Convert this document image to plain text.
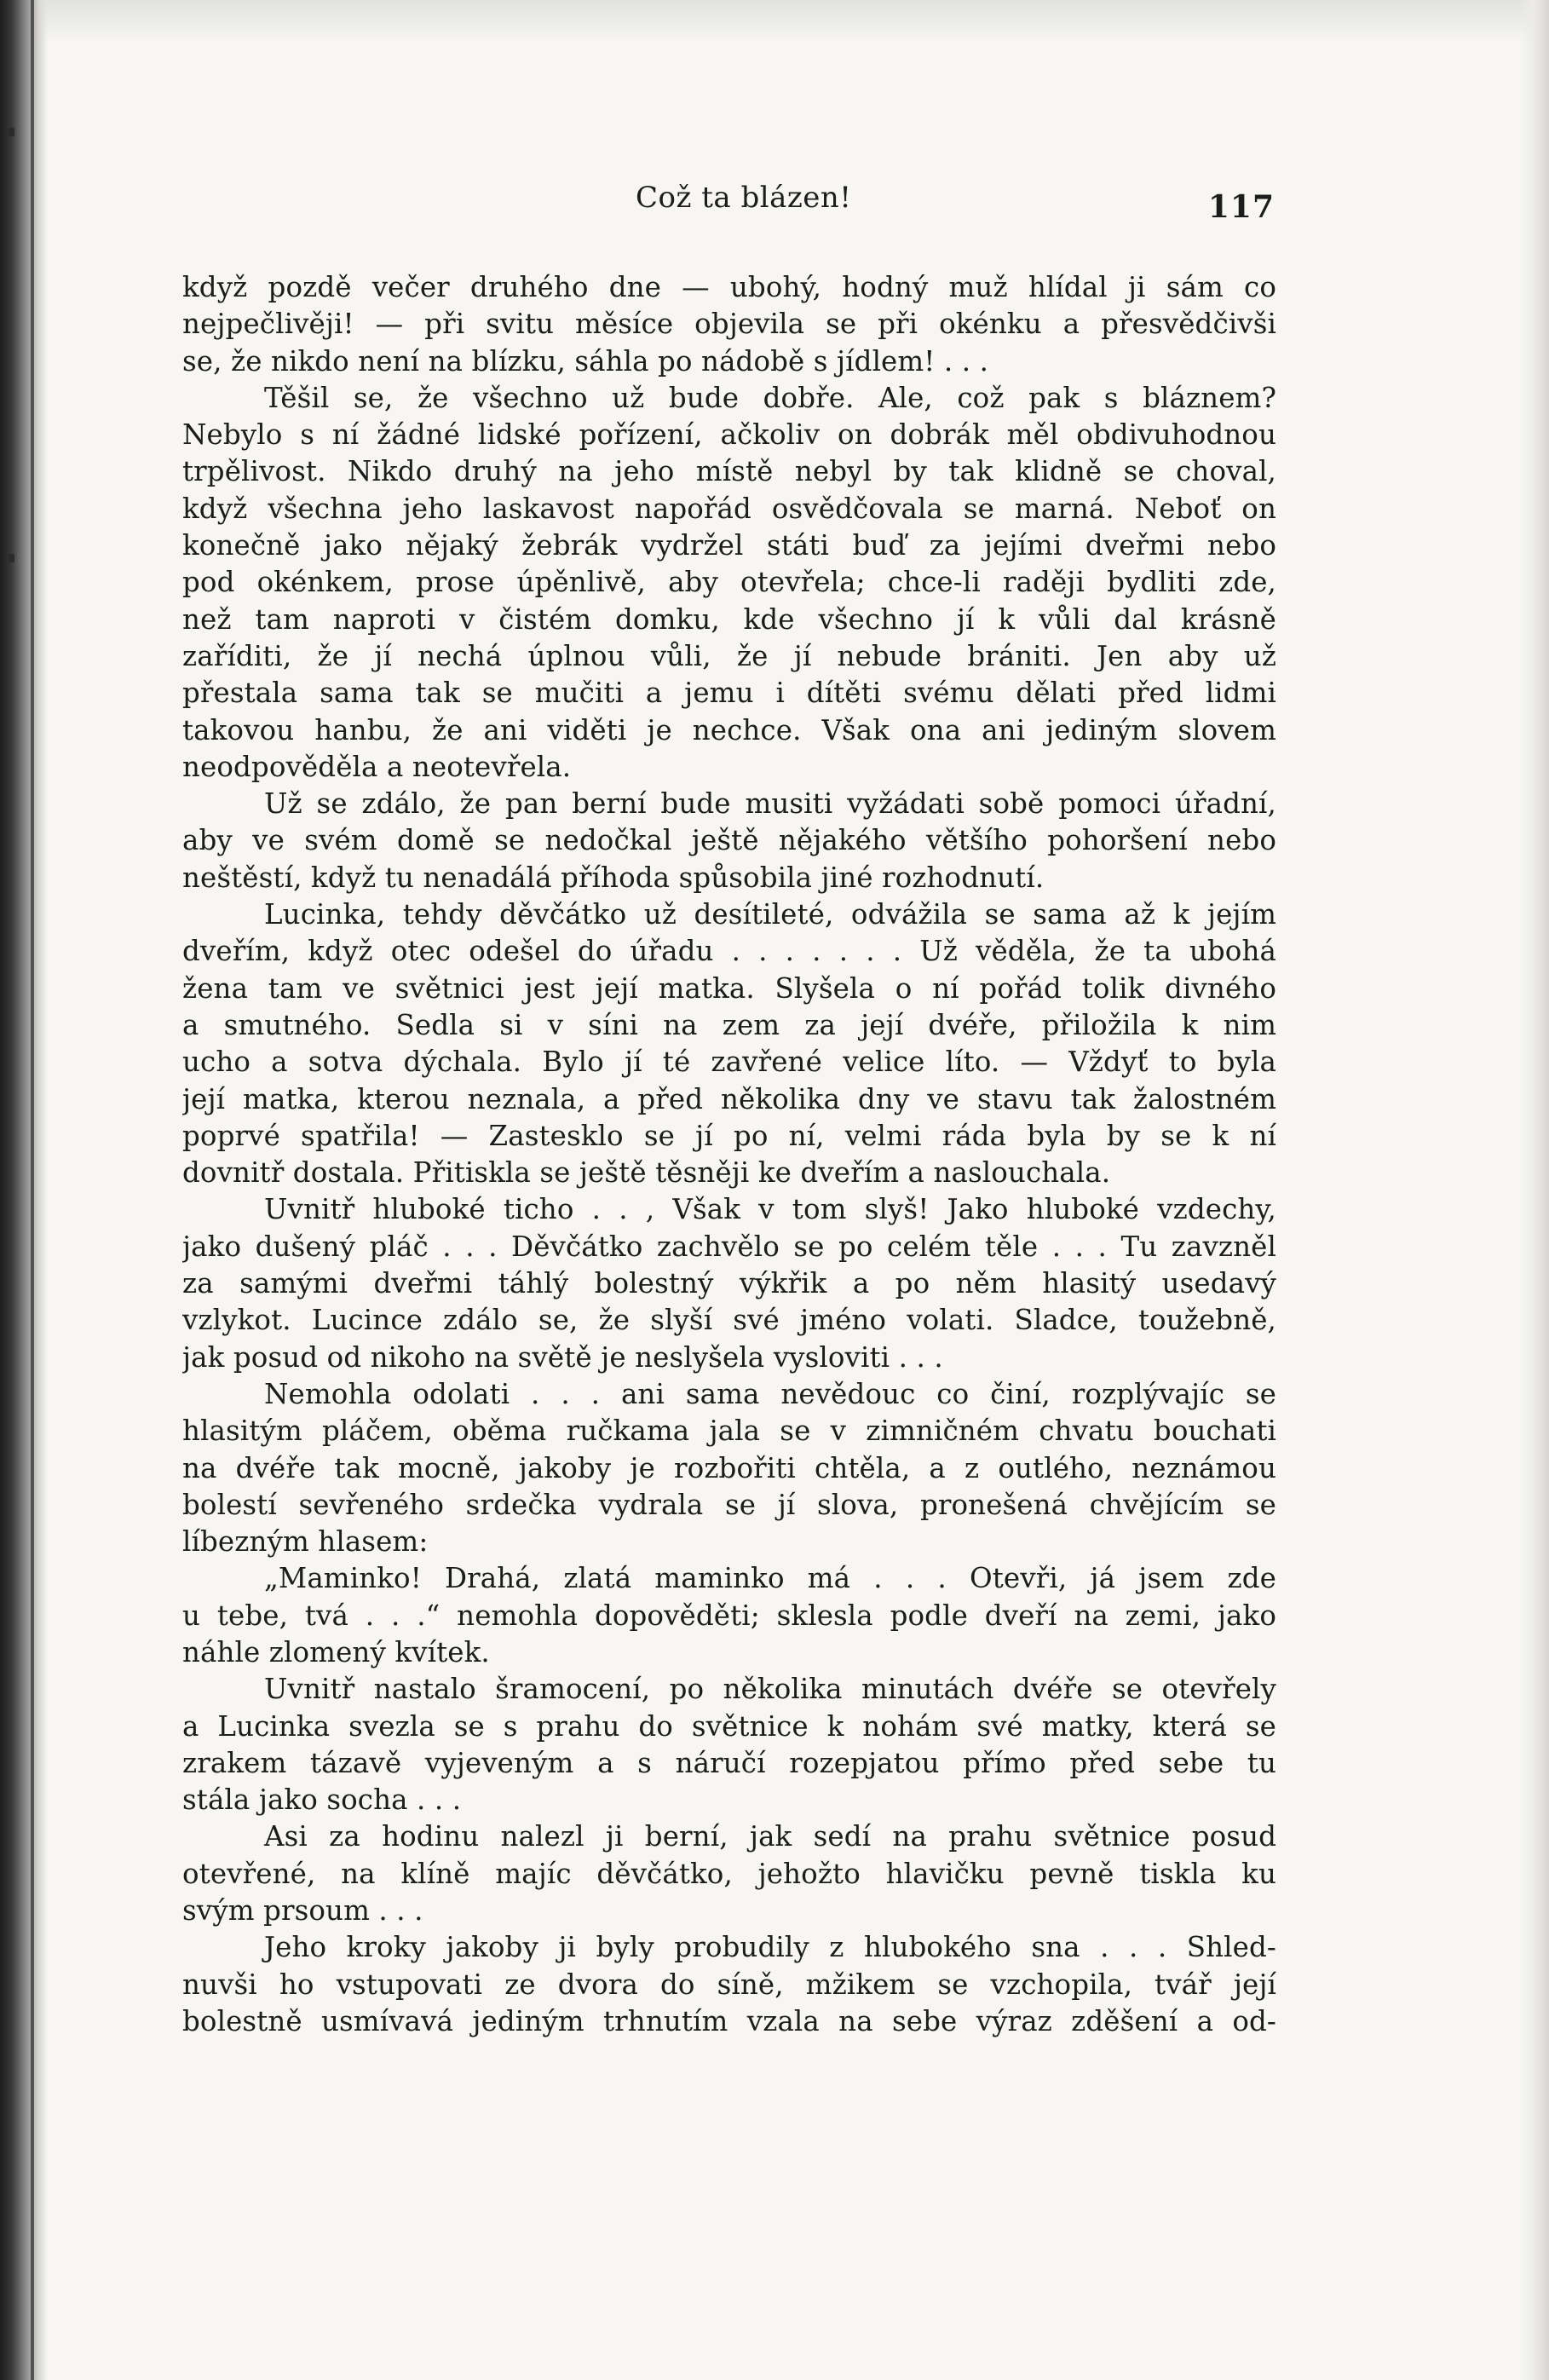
Což ta blázen!	117
když pozdě večer druhého dne — ubohý, hodný muž hlídal ji sám co
nejpečlivěji! — při svitu měsíce objevila se při okénku a přesvědčivši
se, že nikdo není na blízku, sáhla po nádobě s jídlem! . . .
Těšil se, že všechno už bude dobře. Ale, což pak s bláznem?
Nebylo s ní žádné lidské pořízení, ačkoliv on dobrák měl obdivuhodnou
trpělivost. Nikdo druhý na jeho místě nebyl by tak klidně se choval,
když všechna jeho laskavost napořád osvědčovala se marná. Neboť on
konečně jako nějaký žebrák vydržel státi buď za jejími dveřmi nebo
pod okénkem, prose úpěnlivě, aby otevřela; chce-li raději bydliti zde,
než tam naproti v čistém domku, kde všechno jí k vůli dal krásně
zaříditi, že jí nechá úplnou vůli, že jí nebude brániti. Jen aby už
přestala sama tak se mučiti a jemu i dítěti svému dělati před lidmi
takovou hanbu, že ani viděti je nechce. Však ona ani jediným slovem
neodpověděla a neotevřela.
Už se zdálo, že pan berní bude musiti vyžádati sobě pomoci úřadní,
aby ve svém domě se nedočkal ještě nějakého většího pohoršení nebo
neštěstí, když tu nenadálá příhoda spůsobila jiné rozhodnutí.
Lucinka, tehdy děvčátko už desítileté, odvážila se sama až k jejím
dveřím, když otec odešel do úřadu . . . . . . . Už věděla, že ta ubohá
žena tam ve světnici jest její matka. Slyšela o ní pořád tolik divného
a smutného. Sedla si v síni na zem za její dvéře, přiložila k nim
ucho a sotva dýchala. Bylo jí té zavřené velice líto. — Vždyť to byla
její matka, kterou neznala, a před několika dny ve stavu tak žalostném
poprvé spatřila! — Zastesklo se jí po ní, velmi ráda byla by se k ní
dovnitř dostala. Přitiskla se ještě těsněji ke dveřím a naslouchala.
Uvnitř hluboké ticho . . , Však v tom slyš! Jako hluboké vzdechy,
jako dušený pláč . . . Děvčátko zachvělo se po celém těle . . . Tu zavzněl
za samými dveřmi táhlý bolestný výkřik a po něm hlasitý usedavý
vzlykot. Lucince zdálo se, že slyší své jméno volati. Sladce, toužebně,
jak posud od nikoho na světě je neslyšela vysloviti . . .
Nemohla odolati . . . ani sama nevědouc co činí, rozplývajíc se
hlasitým pláčem, oběma ručkama jala se v zimničném chvatu bouchati
na dvéře tak mocně, jakoby je rozbořiti chtěla, a z outlého, neznámou
bolestí sevřeného srdečka vydrala se jí slova, pronešená chvějícím se
líbezným hlasem:
„Maminko! Drahá, zlatá maminko má . . . Otevři, já jsem zde
u tebe, tvá . . .“ nemohla dopověděti; sklesla podle dveří na zemi, jako
náhle zlomený kvítek.
Uvnitř nastalo šramocení, po několika minutách dvéře se otevřely
a Lucinka svezla se s prahu do světnice k nohám své matky, která se
zrakem tázavě vyjeveným a s náručí rozepjatou přímo před sebe tu
stála jako socha . . .
Asi za hodinu nalezl ji berní, jak sedí na prahu světnice posud
otevřené, na klíně majíc děvčátko, jehožto hlavičku pevně tiskla ku
svým prsoum . . .
Jeho kroky jakoby ji byly probudily z hlubokého sna . . . Shled-
nuvši ho vstupovati ze dvora do síně, mžikem se vzchopila, tvář její
bolestně usmívavá jediným trhnutím vzala na sebe výraz zděšení a od-
